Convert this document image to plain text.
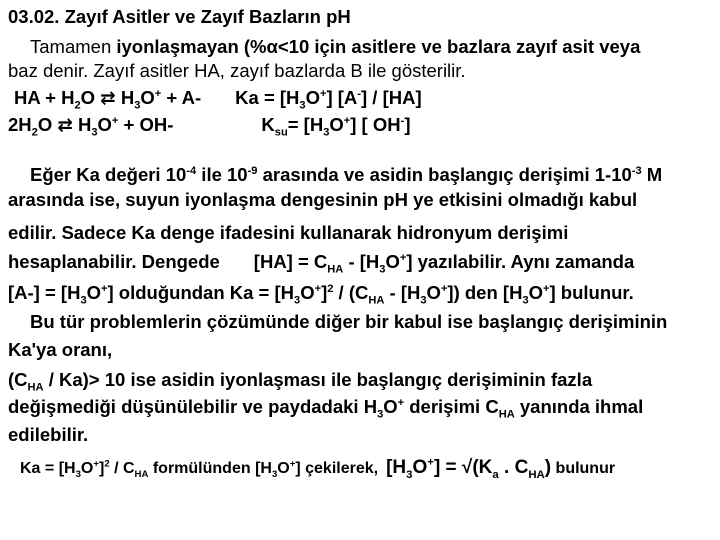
03.02. Zayıf Asitler ve Zayıf Bazların pH
Tamamen iyonlaşmayan (%α<10 için asitlere ve bazlara zayıf asit veya
baz denir. Zayıf asitler HA, zayıf bazlarda B ile gösterilir.
HA + $H_2O$ ⇄ $H_3O^+ + A-$ $Ka = [H_3O^+]$ [A-] / [HA]
$2H_2O$ ⇄ $H_3O^+ + OH-$	$K_{su}= [H_3O^+]$ [ OH-]
Eğer Ka değeri $10^{-4}$ ile $10^{-9}$ arasında ve asidin başlangıç derişimi $1-10^{-3}$ M
arasında ise, suyun iyonlaşma dengesinin pH ye etkisini olmadığı kabul
edilir. Sadece Ka denge ifadesini kullanarak hidronyum derişimi
hesaplanabilir. Dengede $[HA] = C_{HA} - [H_3O^+]$ yazılabilir. Aynı zamanda
$[A-] = [H_3O^+]$ olduğundan $Ka = [H_3O^+]^2 / (C_{HA} - [H_3O^+])$ den $[H_3O^+]$ bulunur.
Bu tür problemlerin çözümünde diğer bir kabul ise başlangıç derişiminin
Ka'ya oranı,
$(C_{HA} / Ka)> 10$ ise asidin iyonlaşması ile başlangıç derişiminin fazla
değişmediği düşünülebilir ve paydadaki $H_3O^+$ derişimi $C_{HA}$ yanında ihmal
edilebilir.
$Ka = [H_3O^+]^2 / C_{HA}$ formülünden $[H_3O^+]$ çekilerek, $[H_3O^+] = √(K_a$ . $C_{HA}$) bulunur
